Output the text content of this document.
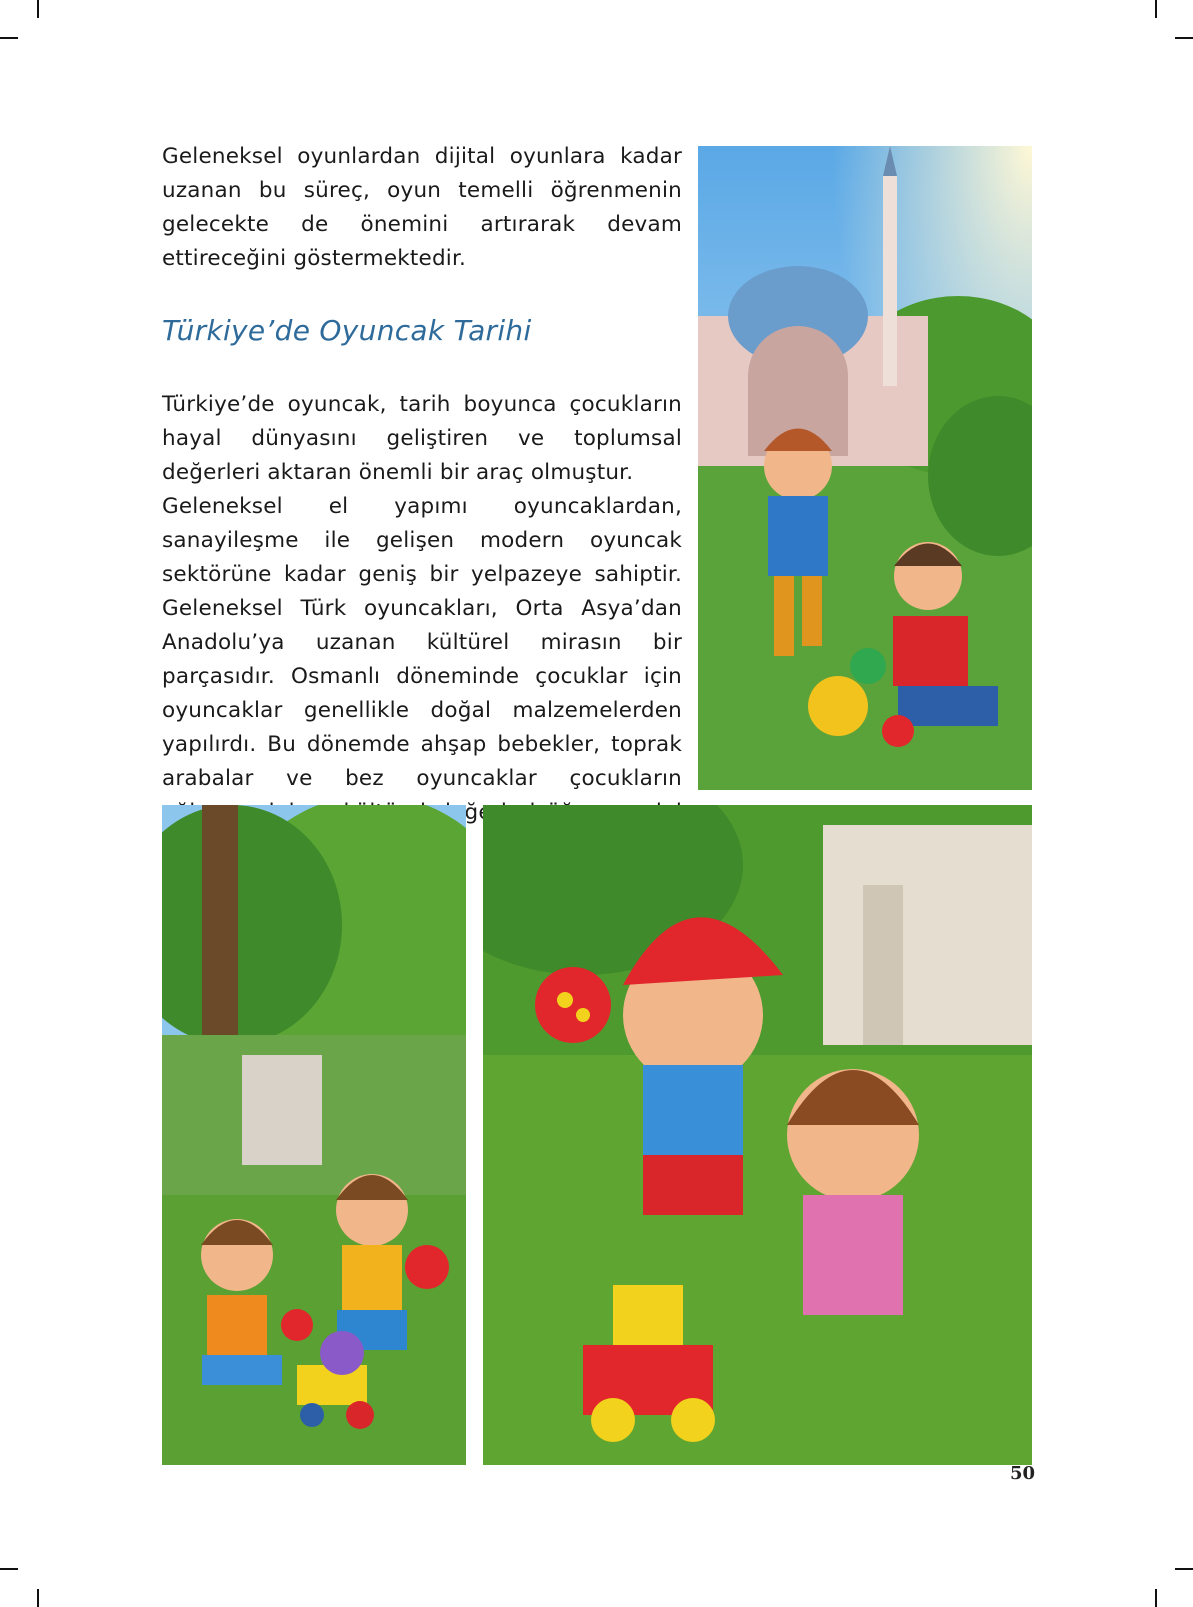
Geleneksel oyunlardan dijital oyunlara kadar uzanan bu süreç, oyun temelli öğrenmenin gelecekte de önemini artırarak devam ettireceğini göstermektedir.

Türkiye’de Oyuncak Tarihi

Türkiye’de oyuncak, tarih boyunca çocukların hayal dünyasını geliştiren ve toplumsal değerleri aktaran önemli bir araç olmuştur.

Geleneksel el yapımı oyuncaklardan, sanayileşme ile gelişen modern oyuncak sektörüne kadar geniş bir yelpazeye sahiptir. Geleneksel Türk oyuncakları, Orta Asya’dan Anadolu’ya uzanan kültürel mirasın bir parçasıdır. Osmanlı döneminde çocuklar için oyuncaklar genellikle doğal malzemelerden yapılırdı. Bu dönemde ahşap bebekler, toprak arabalar ve bez oyuncaklar çocukların

50
